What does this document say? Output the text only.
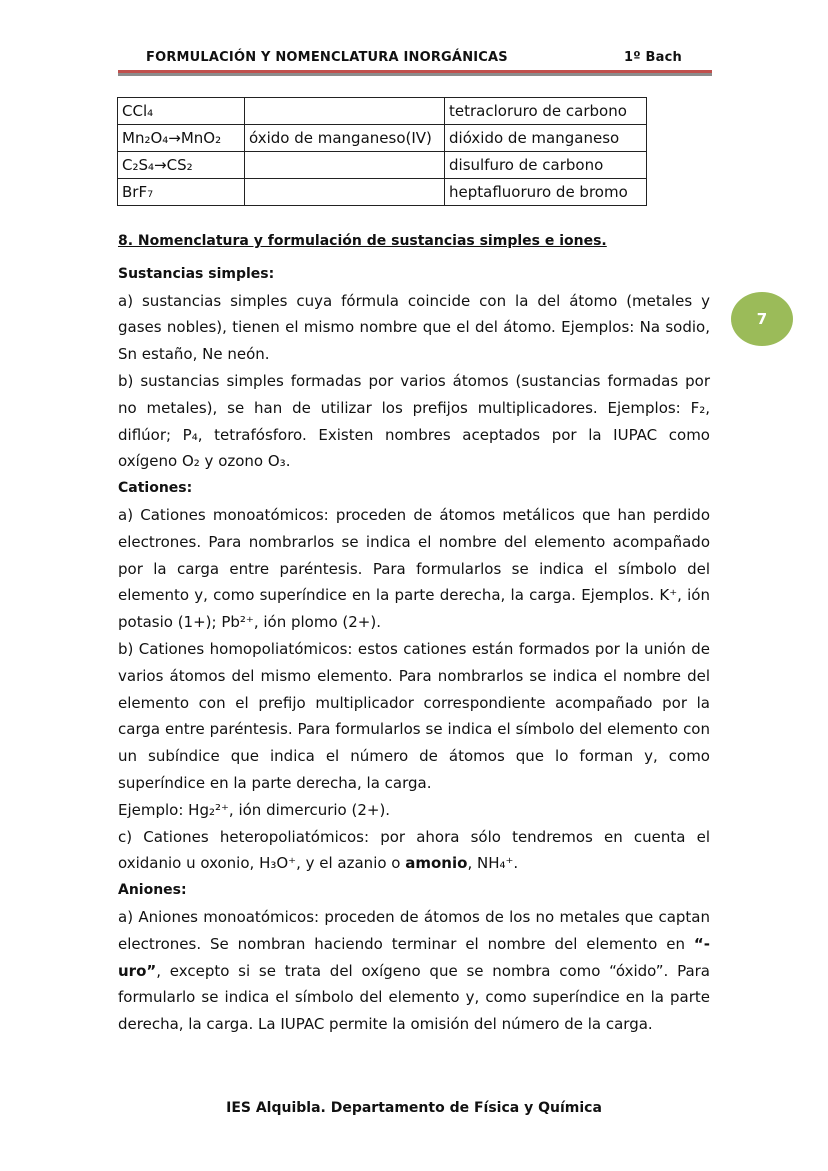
FORMULACIÓN Y NOMENCLATURA INORGÁNICAS	1º Bach
7
CCl₄		tetracloruro de carbono
Mn₂O₄→MnO₂	óxido de manganeso(IV)	dióxido de manganeso
C₂S₄→CS₂		disulfuro de carbono
BrF₇		heptafluoruro de bromo
8. Nomenclatura y formulación de sustancias simples e iones.
Sustancias simples:

a) sustancias simples cuya fórmula coincide con la del átomo (metales y gases nobles), tienen el mismo nombre que el del átomo. Ejemplos: Na sodio, Sn estaño, Ne neón.

b) sustancias simples formadas por varios átomos (sustancias formadas por no metales), se han de utilizar los prefijos multiplicadores. Ejemplos: F₂, diflúor; P₄, tetrafósforo. Existen nombres aceptados por la IUPAC como oxígeno O₂ y ozono O₃.

Cationes:

a) Cationes monoatómicos: proceden de átomos metálicos que han perdido electrones. Para nombrarlos se indica el nombre del elemento acompañado por la carga entre paréntesis. Para formularlos se indica el símbolo del elemento y, como superíndice en la parte derecha, la carga. Ejemplos. K⁺, ión potasio (1+); Pb²⁺, ión plomo (2+).

b) Cationes homopoliatómicos: estos cationes están formados por la unión de varios átomos del mismo elemento. Para nombrarlos se indica el nombre del elemento con el prefijo multiplicador correspondiente acompañado por la carga entre paréntesis. Para formularlos se indica el símbolo del elemento con un subíndice que indica el número de átomos que lo forman y, como superíndice en la parte derecha, la carga.

Ejemplo: Hg₂²⁺, ión dimercurio (2+).

c) Cationes heteropoliatómicos: por ahora sólo tendremos en cuenta el oxidanio u oxonio, H₃O⁺, y el azanio o amonio, NH₄⁺.

Aniones:

a) Aniones monoatómicos: proceden de átomos de los no metales que captan electrones. Se nombran haciendo terminar el nombre del elemento en “-uro”, excepto si se trata del oxígeno que se nombra como “óxido”. Para formularlo se indica el símbolo del elemento y, como superíndice en la parte derecha, la carga. La IUPAC permite la omisión del número de la carga.

IES Alquibla. Departamento de Física y Química
